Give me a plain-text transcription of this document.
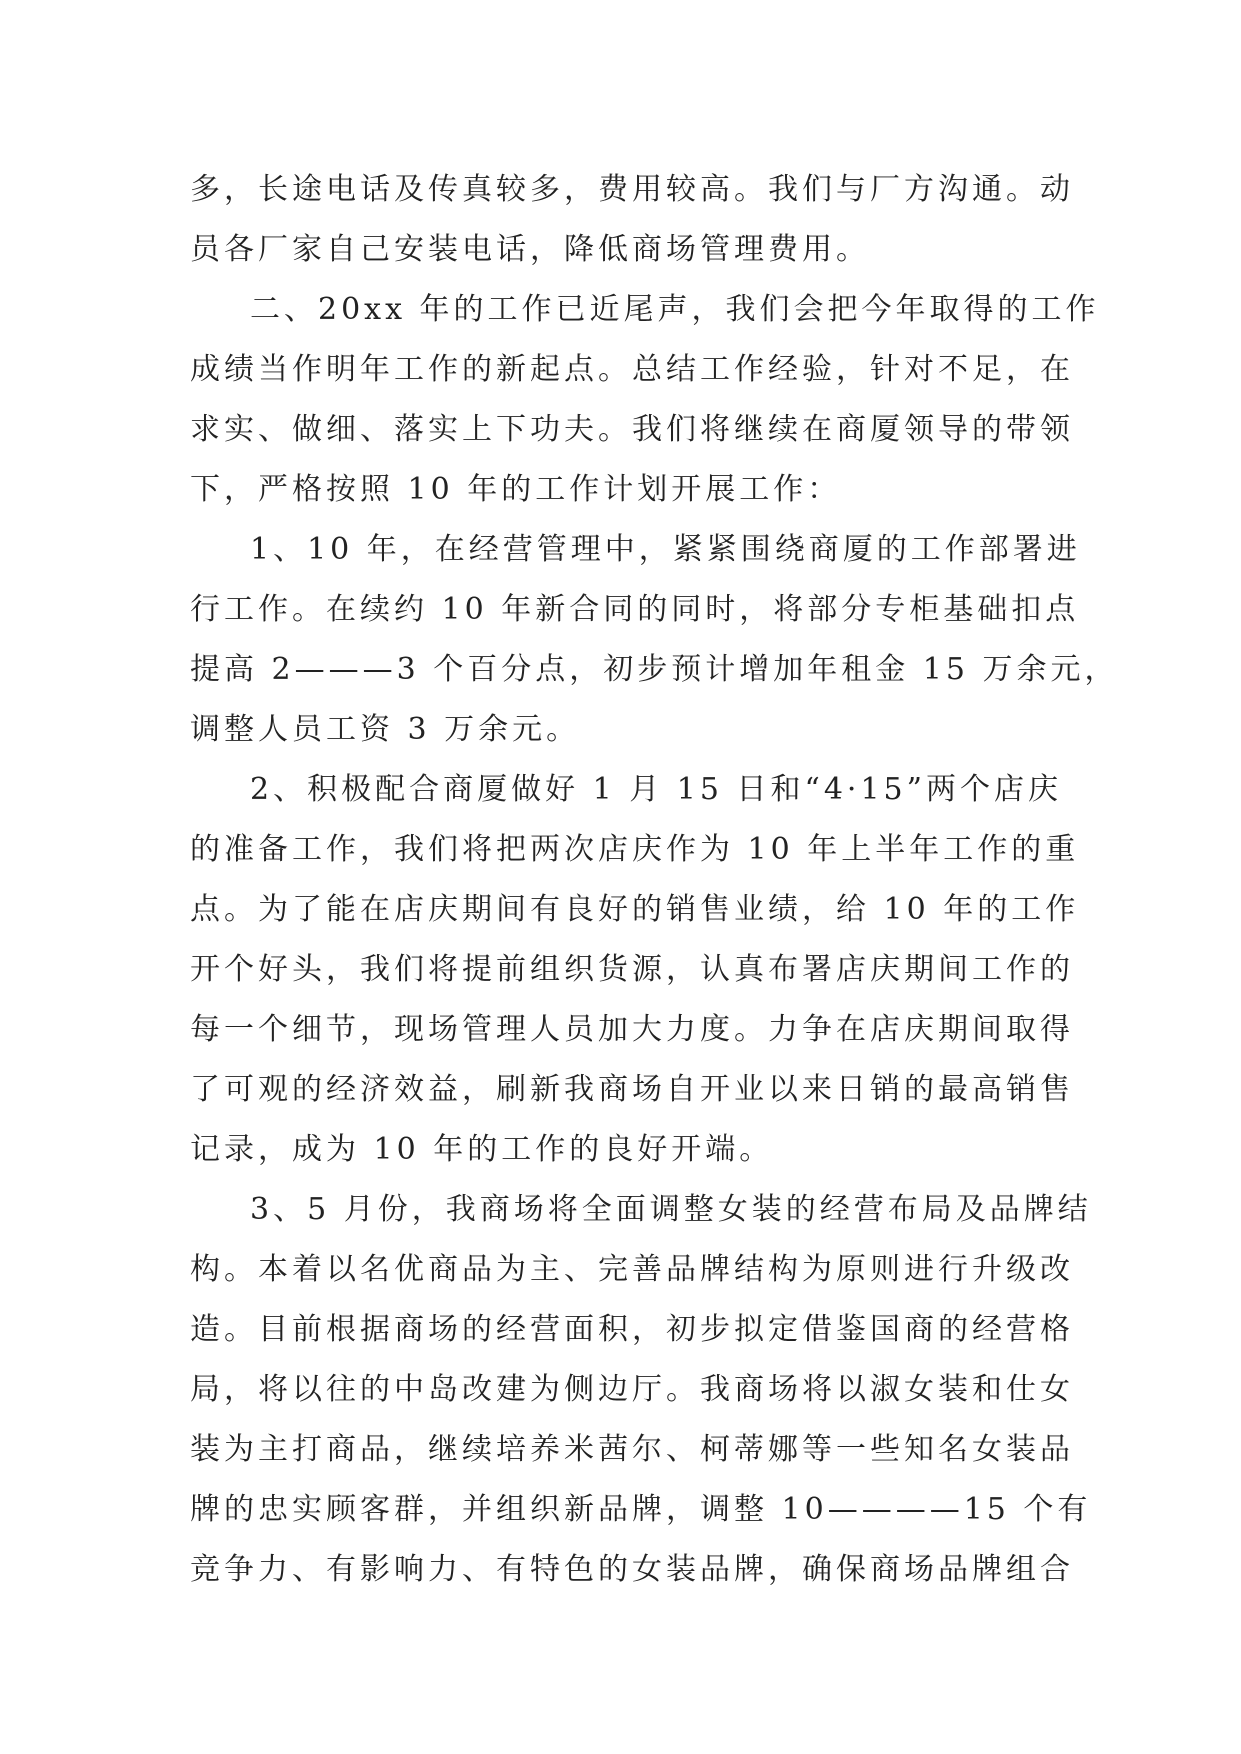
多，长途电话及传真较多，费用较高。我们与厂方沟通。动
员各厂家自己安装电话，降低商场管理费用。
二、20xx 年的工作已近尾声，我们会把今年取得的工作
成绩当作明年工作的新起点。总结工作经验，针对不足，在
求实、做细、落实上下功夫。我们将继续在商厦领导的带领
下，严格按照 10 年的工作计划开展工作：
1、10 年，在经营管理中，紧紧围绕商厦的工作部署进
行工作。在续约 10 年新合同的同时，将部分专柜基础扣点
提高 2———3 个百分点，初步预计增加年租金 15 万余元，
调整人员工资 3 万余元。
2、积极配合商厦做好 1 月 15 日和“4·15”两个店庆
的准备工作，我们将把两次店庆作为 10 年上半年工作的重
点。为了能在店庆期间有良好的销售业绩，给 10 年的工作
开个好头，我们将提前组织货源，认真布署店庆期间工作的
每一个细节，现场管理人员加大力度。力争在店庆期间取得
了可观的经济效益，刷新我商场自开业以来日销的最高销售
记录，成为 10 年的工作的良好开端。
3、5 月份，我商场将全面调整女装的经营布局及品牌结
构。本着以名优商品为主、完善品牌结构为原则进行升级改
造。目前根据商场的经营面积，初步拟定借鉴国商的经营格
局，将以往的中岛改建为侧边厅。我商场将以淑女装和仕女
装为主打商品，继续培养米茜尔、柯蒂娜等一些知名女装品
牌的忠实顾客群，并组织新品牌，调整 10————15 个有
竞争力、有影响力、有特色的女装品牌，确保商场品牌组合
